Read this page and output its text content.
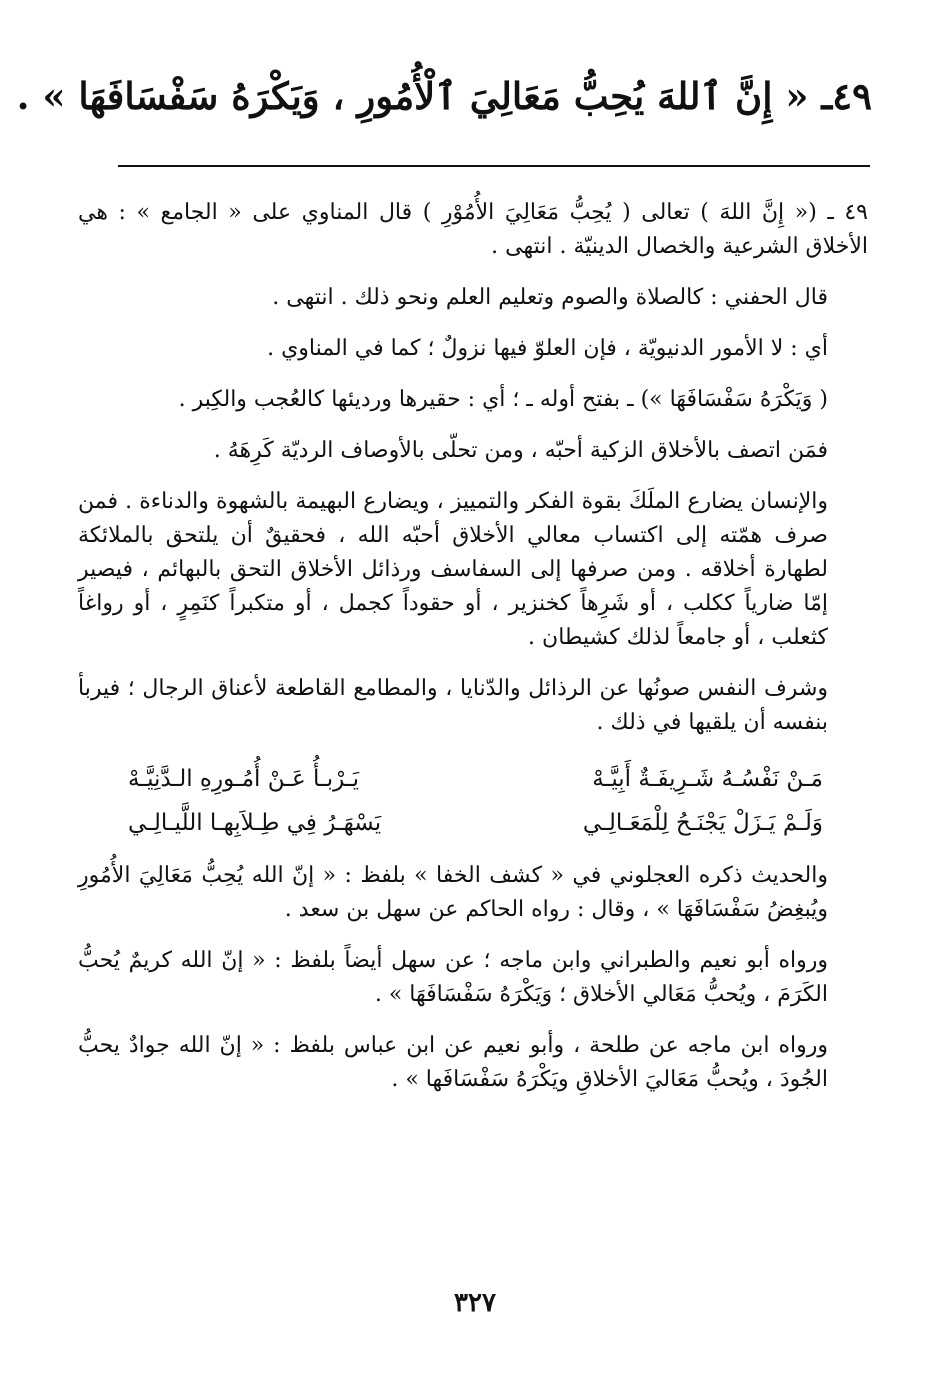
٤٩ـ « إِنَّ ٱللهَ يُحِبُّ مَعَالِيَ ٱلْأُمُورِ ، وَيَكْرَهُ سَفْسَافَهَا » .

٤٩ ـ (« إِنَّ اللهَ ) تعالى ( يُحِبُّ مَعَالِيَ الأُمُوْرِ ) قال المناوي على « الجامع » : هي الأخلاق الشرعية والخصال الدينيّة . انتهى .

قال الحفني : كالصلاة والصوم وتعليم العلم ونحو ذلك . انتهى .

أي : لا الأمور الدنيويّة ، فإن العلوّ فيها نزولٌ ؛ كما في المناوي .

( وَيَكْرَهُ سَفْسَافَهَا ») ـ بفتح أوله ـ ؛ أي : حقيرها ورديئها كالعُجب والكِبر .

فمَن اتصف بالأخلاق الزكية أحبّه ، ومن تحلّى بالأوصاف الرديّة كَرِهَهُ .

والإنسان يضارع الملَكَ بقوة الفكر والتمييز ، ويضارع البهيمة بالشهوة والدناءة . فمن صرف همّته إلى اكتساب معالي الأخلاق أحبّه الله ، فحقيقٌ أن يلتحق بالملائكة لطهارة أخلاقه . ومن صرفها إلى السفاسف ورذائل الأخلاق التحق بالبهائم ، فيصير إمّا ضارياً ككلب ، أو شَرِهاً كخنزير ، أو حقوداً كجمل ، أو متكبراً كنَمِرٍ ، أو رواغاً كثعلب ، أو جامعاً لذلك كشيطان .

وشرف النفس صونُها عن الرذائل والدّنايا ، والمطامع القاطعة لأعناق الرجال ؛ فيربأ بنفسه أن يلقيها في ذلك .

مَـنْ نَفْسُـهُ شَـرِيفَـةٌ أَبِيَّـهْ
يَـرْبـأُ عَـنْ أُمُـورِهِ الـدَّنِيَّـهْ
وَلَـمْ يَـزَلْ يَجْنَـحُ لِلْمَعَـالِـي
يَسْهَـرُ فِي طِـلاَبِهـا اللَّيـالِـي

والحديث ذكره العجلوني في « كشف الخفا » بلفظ : « إنّ الله يُحِبُّ مَعَالِيَ الأُمُورِ ويُبغِضُ سَفْسَافَهَا » ، وقال : رواه الحاكم عن سهل بن سعد .

ورواه أبو نعيم والطبراني وابن ماجه ؛ عن سهل أيضاً بلفظ : « إنّ الله كريمٌ يُحبُّ الكَرَمَ ، ويُحبُّ مَعَالي الأخلاق ؛ وَيَكْرَهُ سَفْسَافَهَا » .

ورواه ابن ماجه عن طلحة ، وأبو نعيم عن ابن عباس بلفظ : « إنّ الله جوادٌ يحبُّ الجُودَ ، ويُحبُّ مَعَاليَ الأخلاقِ ويَكْرَهُ سَفْسَافَها » .

٣٢٧
